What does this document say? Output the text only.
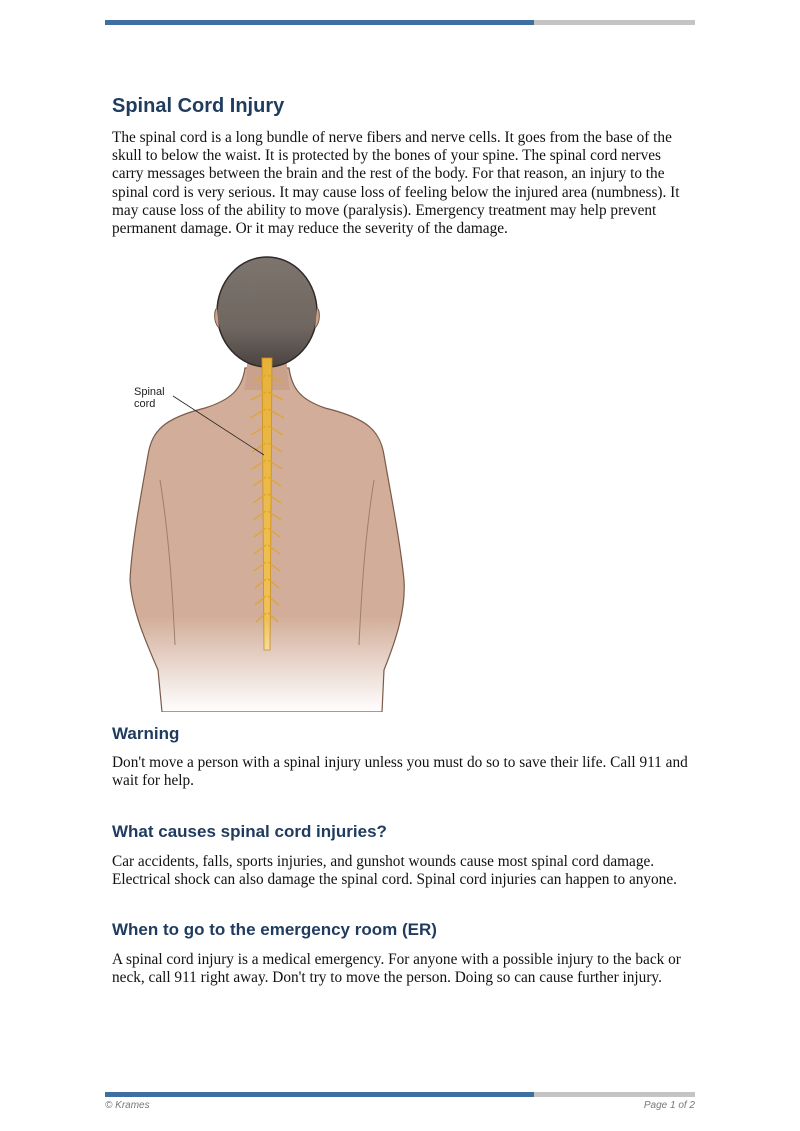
Spinal Cord Injury

The spinal cord is a long bundle of nerve fibers and nerve cells. It goes from the base of the skull to below the waist. It is protected by the bones of your spine. The spinal cord nerves carry messages between the brain and the rest of the body. For that reason, an injury to the spinal cord is very serious. It may cause loss of feeling below the injured area (numbness). It may cause loss of the ability to move (paralysis). Emergency treatment may help prevent permanent damage. Or it may reduce the severity of the damage.

Spinal
cord
Warning

Don't move a person with a spinal injury unless you must do so to save their life. Call 911 and wait for help.

What causes spinal cord injuries?

Car accidents, falls, sports injuries, and gunshot wounds cause most spinal cord damage. Electrical shock can also damage the spinal cord. Spinal cord injuries can happen to anyone.

When to go to the emergency room (ER)

A spinal cord injury is a medical emergency. For anyone with a possible injury to the back or neck, call 911 right away. Don't try to move the person. Doing so can cause further injury.

© Krames	Page 1 of 2
